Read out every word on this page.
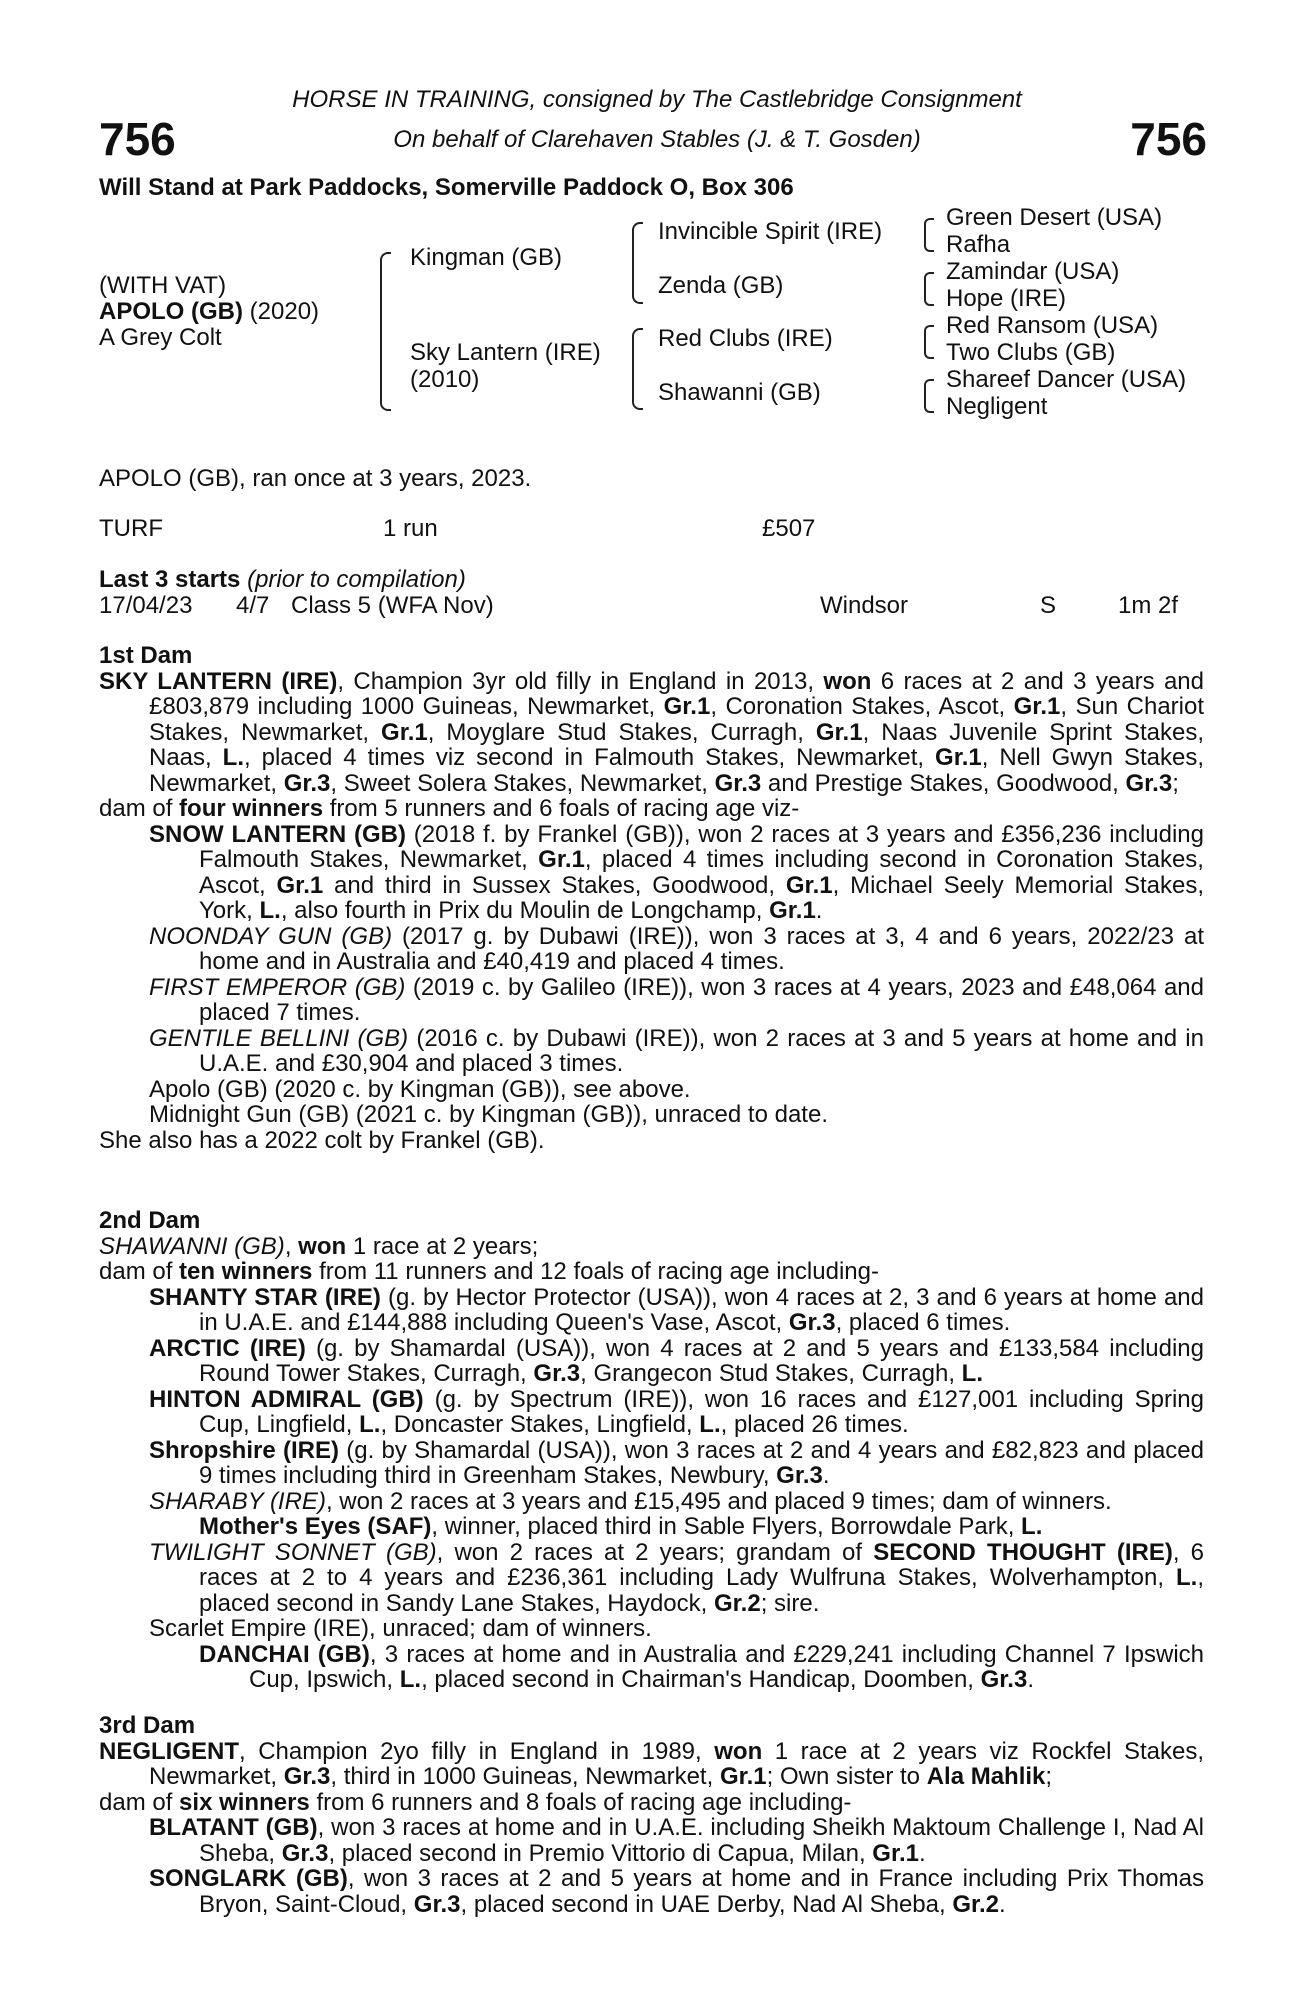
756	756
HORSE IN TRAINING, consigned by The Castlebridge Consignment
On behalf of Clarehaven Stables (J. & T. Gosden)
Will Stand at Park Paddocks, Somerville Paddock O, Box 306
(WITH VAT)
APOLO (GB) (2020)
A Grey Colt
Kingman (GB)
Sky Lantern (IRE)
(2010)
Invincible Spirit (IRE)
Zenda (GB)
Red Clubs (IRE)
Shawanni (GB)
Green Desert (USA)
Rafha
Zamindar (USA)
Hope (IRE)
Red Ransom (USA)
Two Clubs (GB)
Shareef Dancer (USA)
Negligent
APOLO (GB), ran once at 3 years, 2023.
TURF	1 run	£507
Last 3 starts (prior to compilation)
17/04/23 4/7 Class 5 (WFA Nov)	Windsor	S	1m 2f
1st Dam

SKY LANTERN (IRE), Champion 3yr old filly in England in 2013, won 6 races at 2 and 3 years and £803,879 including 1000 Guineas, Newmarket, Gr.1, Coronation Stakes, Ascot, Gr.1, Sun Chariot Stakes, Newmarket, Gr.1, Moyglare Stud Stakes, Curragh, Gr.1, Naas Juvenile Sprint Stakes, Naas, L., placed 4 times viz second in Falmouth Stakes, Newmarket, Gr.1, Nell Gwyn Stakes, Newmarket, Gr.3, Sweet Solera Stakes, Newmarket, Gr.3 and Prestige Stakes, Goodwood, Gr.3;

dam of four winners from 5 runners and 6 foals of racing age viz-

SNOW LANTERN (GB) (2018 f. by Frankel (GB)), won 2 races at 3 years and £356,236 including Falmouth Stakes, Newmarket, Gr.1, placed 4 times including second in Coronation Stakes, Ascot, Gr.1 and third in Sussex Stakes, Goodwood, Gr.1, Michael Seely Memorial Stakes, York, L., also fourth in Prix du Moulin de Longchamp, Gr.1.

NOONDAY GUN (GB) (2017 g. by Dubawi (IRE)), won 3 races at 3, 4 and 6 years, 2022/23 at home and in Australia and £40,419 and placed 4 times.

FIRST EMPEROR (GB) (2019 c. by Galileo (IRE)), won 3 races at 4 years, 2023 and £48,064 and placed 7 times.

GENTILE BELLINI (GB) (2016 c. by Dubawi (IRE)), won 2 races at 3 and 5 years at home and in U.A.E. and £30,904 and placed 3 times.

Apolo (GB) (2020 c. by Kingman (GB)), see above.

Midnight Gun (GB) (2021 c. by Kingman (GB)), unraced to date.

She also has a 2022 colt by Frankel (GB).

2nd Dam

SHAWANNI (GB), won 1 race at 2 years;

dam of ten winners from 11 runners and 12 foals of racing age including-

SHANTY STAR (IRE) (g. by Hector Protector (USA)), won 4 races at 2, 3 and 6 years at home and in U.A.E. and £144,888 including Queen's Vase, Ascot, Gr.3, placed 6 times.

ARCTIC (IRE) (g. by Shamardal (USA)), won 4 races at 2 and 5 years and £133,584 including Round Tower Stakes, Curragh, Gr.3, Grangecon Stud Stakes, Curragh, L.

HINTON ADMIRAL (GB) (g. by Spectrum (IRE)), won 16 races and £127,001 including Spring Cup, Lingfield, L., Doncaster Stakes, Lingfield, L., placed 26 times.

Shropshire (IRE) (g. by Shamardal (USA)), won 3 races at 2 and 4 years and £82,823 and placed 9 times including third in Greenham Stakes, Newbury, Gr.3.

SHARABY (IRE), won 2 races at 3 years and £15,495 and placed 9 times; dam of winners.

Mother's Eyes (SAF), winner, placed third in Sable Flyers, Borrowdale Park, L.

TWILIGHT SONNET (GB), won 2 races at 2 years; grandam of SECOND THOUGHT (IRE), 6 races at 2 to 4 years and £236,361 including Lady Wulfruna Stakes, Wolverhampton, L., placed second in Sandy Lane Stakes, Haydock, Gr.2; sire.

Scarlet Empire (IRE), unraced; dam of winners.

DANCHAI (GB), 3 races at home and in Australia and £229,241 including Channel 7 Ipswich Cup, Ipswich, L., placed second in Chairman's Handicap, Doomben, Gr.3.

3rd Dam

NEGLIGENT, Champion 2yo filly in England in 1989, won 1 race at 2 years viz Rockfel Stakes, Newmarket, Gr.3, third in 1000 Guineas, Newmarket, Gr.1; Own sister to Ala Mahlik;

dam of six winners from 6 runners and 8 foals of racing age including-

BLATANT (GB), won 3 races at home and in U.A.E. including Sheikh Maktoum Challenge I, Nad Al Sheba, Gr.3, placed second in Premio Vittorio di Capua, Milan, Gr.1.

SONGLARK (GB), won 3 races at 2 and 5 years at home and in France including Prix Thomas Bryon, Saint-Cloud, Gr.3, placed second in UAE Derby, Nad Al Sheba, Gr.2.
